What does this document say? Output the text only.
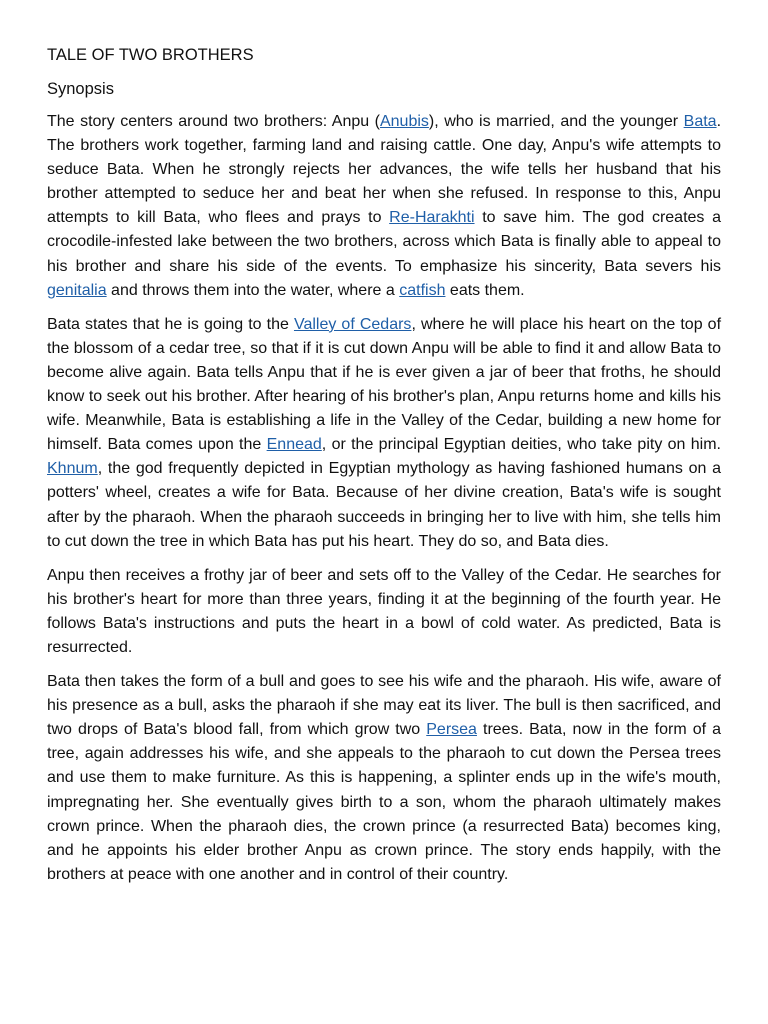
TALE OF TWO BROTHERS
Synopsis

The story centers around two brothers: Anpu (Anubis), who is married, and the younger Bata. The brothers work together, farming land and raising cattle. One day, Anpu's wife attempts to seduce Bata. When he strongly rejects her advances, the wife tells her husband that his brother attempted to seduce her and beat her when she refused. In response to this, Anpu attempts to kill Bata, who flees and prays to Re-Harakhti to save him. The god creates a crocodile-infested lake between the two brothers, across which Bata is finally able to appeal to his brother and share his side of the events. To emphasize his sincerity, Bata severs his genitalia and throws them into the water, where a catfish eats them.

Bata states that he is going to the Valley of Cedars, where he will place his heart on the top of the blossom of a cedar tree, so that if it is cut down Anpu will be able to find it and allow Bata to become alive again. Bata tells Anpu that if he is ever given a jar of beer that froths, he should know to seek out his brother. After hearing of his brother's plan, Anpu returns home and kills his wife. Meanwhile, Bata is establishing a life in the Valley of the Cedar, building a new home for himself. Bata comes upon the Ennead, or the principal Egyptian deities, who take pity on him. Khnum, the god frequently depicted in Egyptian mythology as having fashioned humans on a potters' wheel, creates a wife for Bata. Because of her divine creation, Bata's wife is sought after by the pharaoh. When the pharaoh succeeds in bringing her to live with him, she tells him to cut down the tree in which Bata has put his heart. They do so, and Bata dies.

Anpu then receives a frothy jar of beer and sets off to the Valley of the Cedar. He searches for his brother's heart for more than three years, finding it at the beginning of the fourth year. He follows Bata's instructions and puts the heart in a bowl of cold water. As predicted, Bata is resurrected.

Bata then takes the form of a bull and goes to see his wife and the pharaoh. His wife, aware of his presence as a bull, asks the pharaoh if she may eat its liver. The bull is then sacrificed, and two drops of Bata's blood fall, from which grow two Persea trees. Bata, now in the form of a tree, again addresses his wife, and she appeals to the pharaoh to cut down the Persea trees and use them to make furniture. As this is happening, a splinter ends up in the wife's mouth, impregnating her. She eventually gives birth to a son, whom the pharaoh ultimately makes crown prince. When the pharaoh dies, the crown prince (a resurrected Bata) becomes king, and he appoints his elder brother Anpu as crown prince. The story ends happily, with the brothers at peace with one another and in control of their country.
